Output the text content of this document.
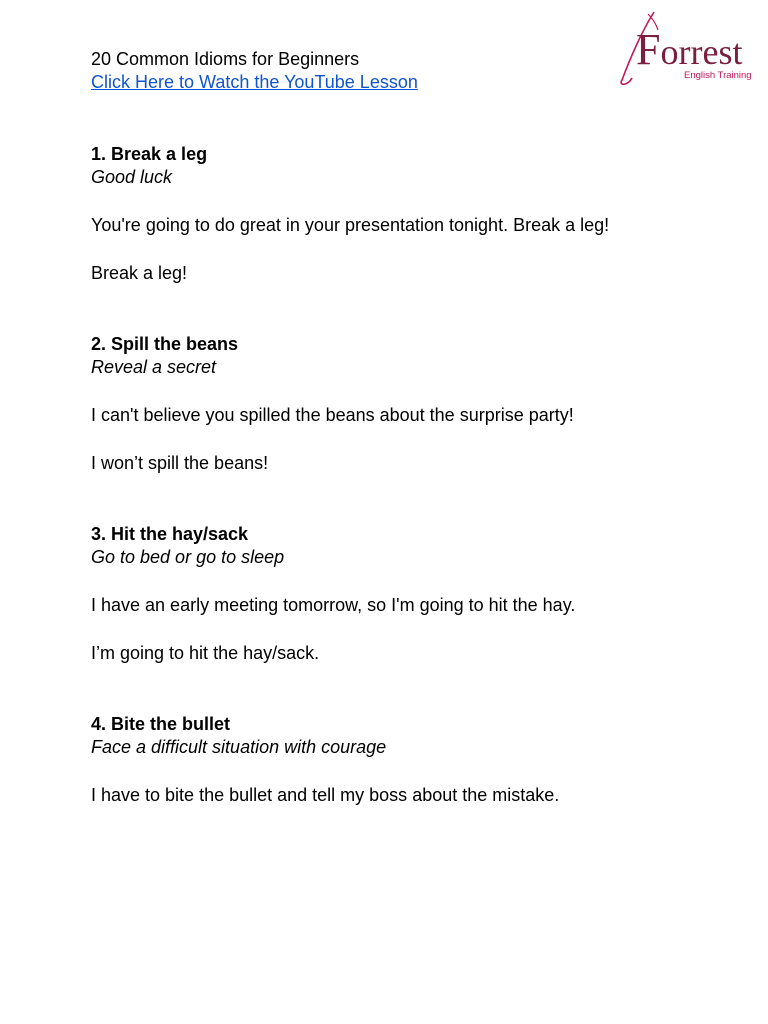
Forrest
English Training

20 Common Idioms for Beginners

Click Here to Watch the YouTube Lesson

1. Break a leg

Good luck

You're going to do great in your presentation tonight. Break a leg!

Break a leg!

2. Spill the beans

Reveal a secret

I can't believe you spilled the beans about the surprise party!

I won’t spill the beans!

3. Hit the hay/sack

Go to bed or go to sleep

I have an early meeting tomorrow, so I'm going to hit the hay.

I’m going to hit the hay/sack.

4. Bite the bullet

Face a difficult situation with courage

I have to bite the bullet and tell my boss about the mistake.
